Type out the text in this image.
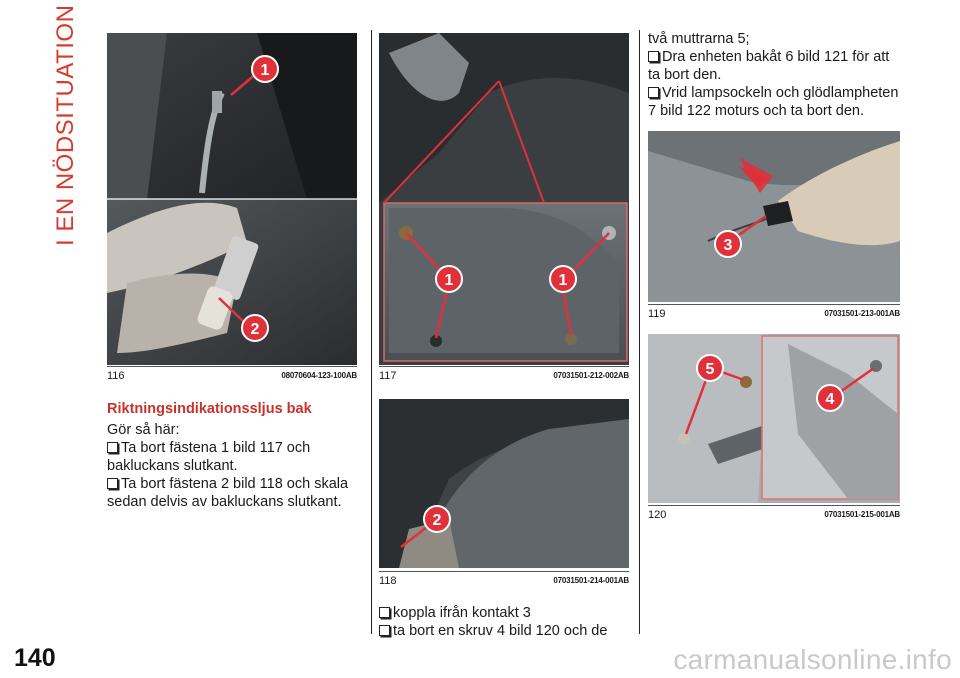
I EN NÖDSITUATION
140
1
2
116	08070604-123-100AB
1	1
117	07031501-212-002AB
2
118	07031501-214-001AB
3
119	07031501-213-001AB
5
4
120	07031501-215-001AB
Riktningsindikationssljus bak
Gör så här:
Ta bort fästena 1 bild 117 och
bakluckans slutkant.
Ta bort fästena 2 bild 118 och skala
sedan delvis av bakluckans slutkant.
koppla ifrån kontakt 3
ta bort en skruv 4 bild 120 och de
två muttrarna 5;
Dra enheten bakåt 6 bild 121 för att
ta bort den.
Vrid lampsockeln och glödlampheten
7 bild 122 moturs och ta bort den.
carmanualsonline.info
